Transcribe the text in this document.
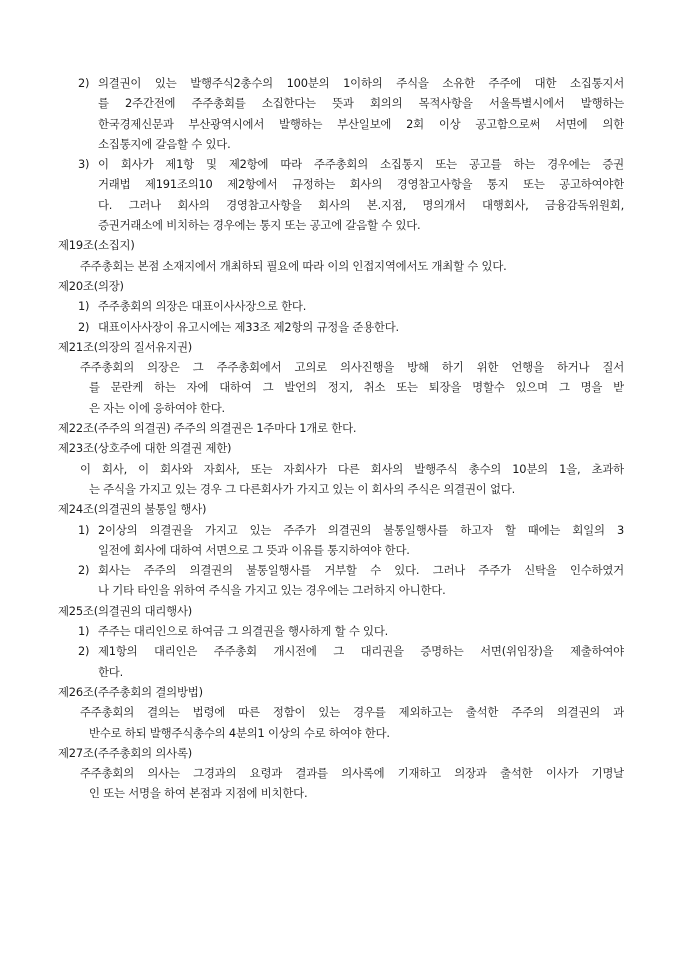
2) 의결권이 있는 발행주식2총수의 100분의 1이하의 주식을 소유한 주주에 대한 소집통지서
를 2주간전에 주주총회를 소집한다는 뜻과 회의의 목적사항을 서울특별시에서 발행하는
한국경제신문과 부산광역시에서 발행하는 부산일보에 2회 이상 공고함으로써 서면에 의한
소집통지에 갈음할 수 있다.
3) 이 회사가 제1항 및 제2항에 따라 주주총회의 소집통지 또는 공고를 하는 경우에는 증권
거래법 제191조의10 제2항에서 규정하는 회사의 경영참고사항을 통지 또는 공고하여야한
다. 그러나 회사의 경영참고사항을 회사의 본.지점, 명의개서 대행회사, 금융감독위원회,
증권거래소에 비치하는 경우에는 통지 또는 공고에 갈음할 수 있다.
제19조(소집지)
주주총회는 본점 소재지에서 개최하되 필요에 따라 이의 인접지역에서도 개최할 수 있다.
제20조(의장)
1) 주주총회의 의장은 대표이사사장으로 한다.
2) 대표이사사장이 유고시에는 제33조 제2항의 규정을 준용한다.
제21조(의장의 질서유지권)
주주총회의 의장은 그 주주총회에서 고의로 의사진행을 방해 하기 위한 언행을 하거나 질서
를 문란케 하는 자에 대하여 그 발언의 정지, 취소 또는 퇴장을 명할수 있으며 그 명을 받
은 자는 이에 응하여야 한다.
제22조(주주의 의결권) 주주의 의결권은 1주마다 1개로 한다.
제23조(상호주에 대한 의결권 제한)
이 회사, 이 회사와 자회사, 또는 자회사가 다른 회사의 발행주식 총수의 10분의 1을, 초과하
는 주식을 가지고 있는 경우 그 다른회사가 가지고 있는 이 회사의 주식은 의결권이 없다.
제24조(의결권의 불통일 행사)
1) 2이상의 의결권을 가지고 있는 주주가 의결권의 불통일행사를 하고자 할 때에는 회일의 3
일전에 회사에 대하여 서면으로 그 뜻과 이유를 통지하여야 한다.
2) 회사는 주주의 의결권의 불통일행사를 거부할 수 있다. 그러나 주주가 신탁을 인수하였거
나 기타 타인을 위하여 주식을 가지고 있는 경우에는 그러하지 아니한다.
제25조(의결권의 대리행사)
1) 주주는 대리인으로 하여금 그 의결권을 행사하게 할 수 있다.
2) 제1항의 대리인은 주주총회 개시전에 그 대리권을 증명하는 서면(위임장)을 제출하여야
한다.
제26조(주주총회의 결의방법)
주주총회의 결의는 법령에 따른 정함이 있는 경우를 제외하고는 출석한 주주의 의결권의 과
반수로 하되 발행주식총수의 4분의1 이상의 수로 하여야 한다.
제27조(주주총회의 의사록)
주주총회의 의사는 그경과의 요령과 결과를 의사록에 기재하고 의장과 출석한 이사가 기명날
인 또는 서명을 하여 본점과 지점에 비치한다.
